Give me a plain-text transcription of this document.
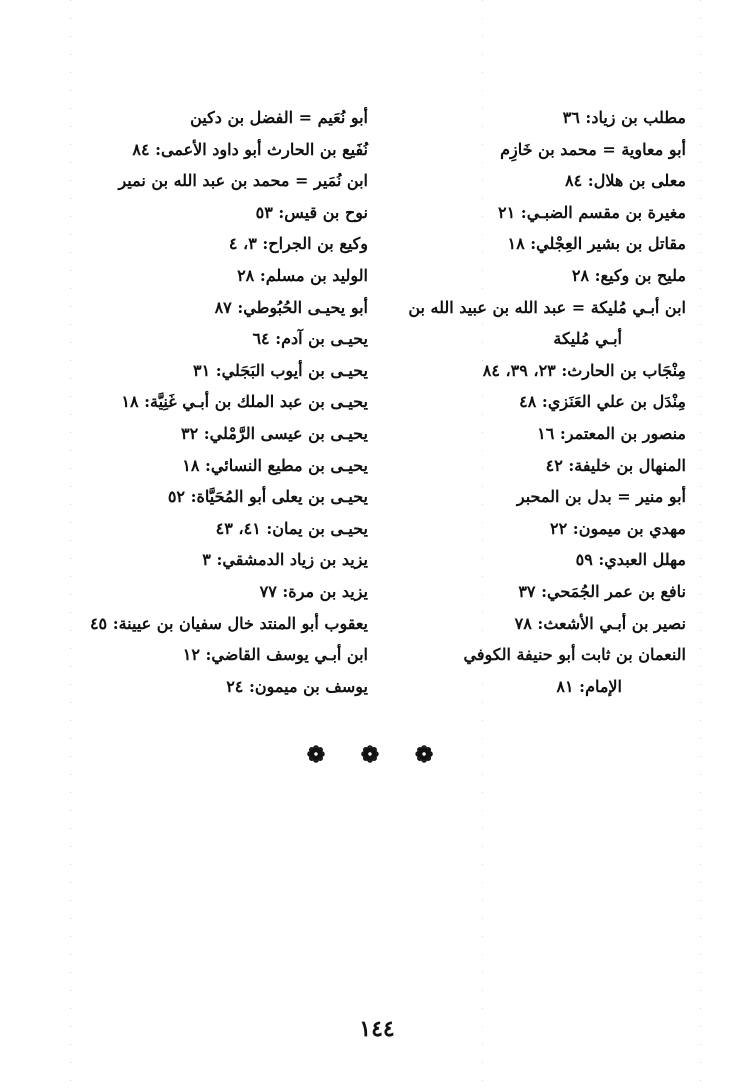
مطلب بن زياد: ٣٦

أبو معاوية = محمد بن خَازِم

معلى بن هلال: ٨٤

مغيرة بن مقسم الضبـي: ٢١

مقاتل بن بشير العِجْلي: ١٨

مليح بن وكيع: ٢٨

ابن أبـي مُليكة = عبد الله بن عبيد الله بن

أبـي مُليكة

مِنْجَاب بن الحارث: ٢٣، ٣٩، ٨٤

مِنْدَل بن علي العَنَزي: ٤٨

منصور بن المعتمر: ١٦

المنهال بن خليفة: ٤٢

أبو منير = بدل بن المحبر

مهدي بن ميمون: ٢٢

مهلل العبدي: ٥٩

نافع بن عمر الجُمَحي: ٣٧

نصير بن أبـي الأشعث: ٧٨

النعمان بن ثابت أبو حنيفة الكوفي

الإمام: ٨١

أبو نُعَيم = الفضل بن دكين

نُفَيع بن الحارث أبو داود الأعمى: ٨٤

ابن نُمَير = محمد بن عبد الله بن نمير

نوح بن قيس: ٥٣

وكيع بن الجراح: ٣، ٤

الوليد بن مسلم: ٢٨

أبو يحيـى الحُبُوطي: ٨٧

يحيـى بن آدم: ٦٤

يحيـى بن أيوب البَجَلي: ٣١

يحيـى بن عبد الملك بن أبـي غَنِيَّة: ١٨

يحيـى بن عيسى الرَّمْلي: ٣٢

يحيـى بن مطيع النسائي: ١٨

يحيـى بن يعلى أبو المُحَيَّاة: ٥٢

يحيـى بن يمان: ٤١، ٤٣

يزيد بن زياد الدمشقي: ٣

يزيد بن مرة: ٧٧

يعقوب أبو المنتد خال سفيان بن عيينة: ٤٥

ابن أبـي يوسف القاضي: ١٢

يوسف بن ميمون: ٢٤

❁ ❁ ❁
١٤٤
